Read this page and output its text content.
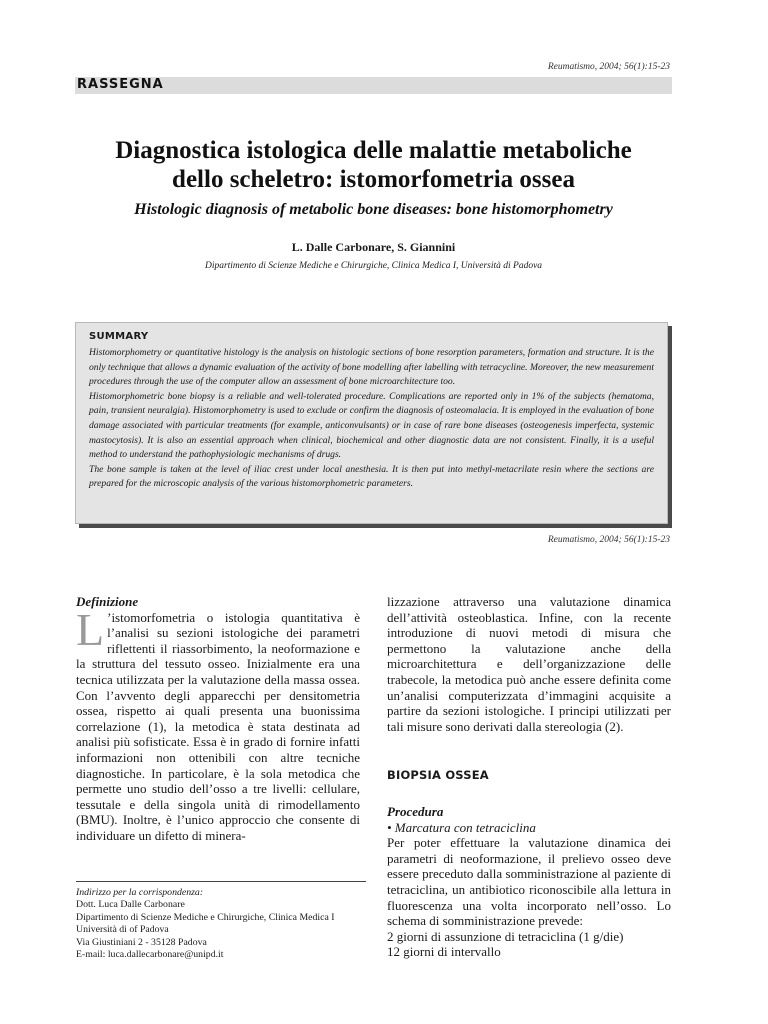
Reumatismo, 2004; 56(1):15-23
RASSEGNA
Diagnostica istologica delle malattie metaboliche
dello scheletro: istomorfometria ossea
Histologic diagnosis of metabolic bone diseases: bone histomorphometry
L. Dalle Carbonare, S. Giannini
Dipartimento di Scienze Mediche e Chirurgiche, Clinica Medica I, Università di Padova
SUMMARY

Histomorphometry or quantitative histology is the analysis on histologic sections of bone resorption parameters, formation and structure. It is the only technique that allows a dynamic evaluation of the activity of bone modelling after labelling with tetracycline. Moreover, the new measurement procedures through the use of the computer allow an assessment of bone microarchitecture too.

Histomorphometric bone biopsy is a reliable and well-tolerated procedure. Complications are reported only in 1% of the subjects (hematoma, pain, transient neuralgia). Histomorphometry is used to exclude or confirm the diagnosis of osteomalacia. It is employed in the evaluation of bone damage associated with particular treatments (for example, anticonvulsants) or in case of rare bone diseases (osteogenesis imperfecta, systemic mastocytosis). It is also an essential approach when clinical, biochemical and other diagnostic data are not consistent. Finally, it is a useful method to understand the pathophysiologic mechanisms of drugs.

The bone sample is taken at the level of iliac crest under local anesthesia. It is then put into methyl-metacrilate resin where the sections are prepared for the microscopic analysis of the various histomorphometric parameters.

Reumatismo, 2004; 56(1):15-23

Definizione

L ’istomorfometria o istologia quantitativa è l’analisi su sezioni istologiche dei parametri riflettenti il riassorbimento, la neoformazione e la struttura del tessuto osseo. Inizialmente era una tecnica utilizzata per la valutazione della massa ossea. Con l’avvento degli apparecchi per densitometria ossea, rispetto ai quali presenta una buonissima correlazione (1), la metodica è stata destinata ad analisi più sofisticate. Essa è in grado di fornire infatti informazioni non ottenibili con altre tecniche diagnostiche. In particolare, è la sola metodica che permette uno studio dell’osso a tre livelli: cellulare, tessutale e della singola unità di rimodellamento (BMU). Inoltre, è l’unico approccio che consente di individuare un difetto di minera-

lizzazione attraverso una valutazione dinamica dell’attività osteoblastica. Infine, con la recente introduzione di nuovi metodi di misura che permettono la valutazione anche della microarchitettura e dell’organizzazione delle trabecole, la metodica può anche essere definita come un’analisi computerizzata d’immagini acquisite a partire da sezioni istologiche. I principi utilizzati per tali misure sono derivati dalla stereologia (2).

BIOPSIA OSSEA

Procedura

• Marcatura con tetraciclina

Per poter effettuare la valutazione dinamica dei parametri di neoformazione, il prelievo osseo deve essere preceduto dalla somministrazione al paziente di tetraciclina, un antibiotico riconoscibile alla lettura in fluorescenza una volta incorporato nell’osso. Lo schema di somministrazione prevede:

2 giorni di assunzione di tetraciclina (1 g/die)

12 giorni di intervallo

Indirizzo per la corrispondenza:
Dott. Luca Dalle Carbonare
Dipartimento di Scienze Mediche e Chirurgiche, Clinica Medica I
Università di of Padova
Via Giustiniani 2 - 35128 Padova
E-mail: luca.dallecarbonare@unipd.it
